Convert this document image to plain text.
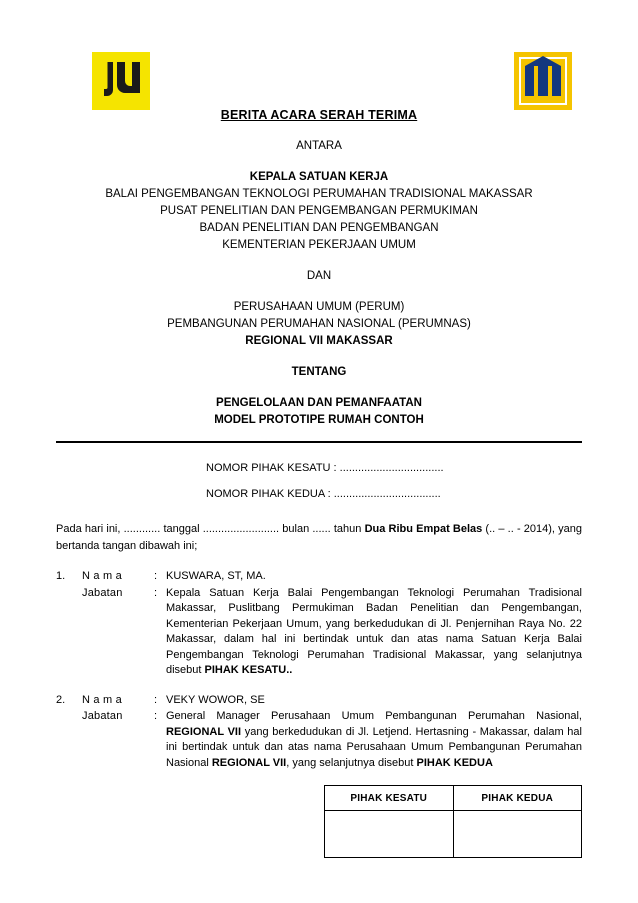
BERITA ACARA SERAH TERIMA
ANTARA
KEPALA SATUAN KERJA
BALAI PENGEMBANGAN TEKNOLOGI PERUMAHAN TRADISIONAL MAKASSAR
PUSAT PENELITIAN DAN PENGEMBANGAN PERMUKIMAN
BADAN PENELITIAN DAN PENGEMBANGAN
KEMENTERIAN PEKERJAAN UMUM
DAN
PERUSAHAAN UMUM (PERUM)
PEMBANGUNAN PERUMAHAN NASIONAL (PERUMNAS)
REGIONAL VII MAKASSAR
TENTANG
PENGELOLAAN DAN PEMANFAATAN
MODEL PROTOTIPE RUMAH CONTOH
NOMOR PIHAK KESATU : ..................................
NOMOR PIHAK KEDUA : ...................................
Pada hari ini, ............ tanggal ......................... bulan ...... tahun Dua Ribu Empat Belas (.. – .. - 2014), yang bertanda tangan dibawah ini;
1.	N a m a	: KUSWARA, ST, MA.
Jabatan	: Kepala Satuan Kerja Balai Pengembangan Teknologi Perumahan Tradisional Makassar, Puslitbang Permukiman Badan Penelitian dan Pengembangan, Kementerian Pekerjaan Umum, yang berkedudukan di Jl. Penjernihan Raya No. 22 Makassar, dalam hal ini bertindak untuk dan atas nama Satuan Kerja Balai Pengembangan Teknologi Perumahan Tradisional Makassar, yang selanjutnya disebut PIHAK KESATU..
2.	N a m a	: VEKY WOWOR, SE
Jabatan	: General Manager Perusahaan Umum Pembangunan Perumahan Nasional, REGIONAL VII yang berkedudukan di Jl. Letjend. Hertasning - Makassar, dalam hal ini bertindak untuk dan atas nama Perusahaan Umum Pembangunan Perumahan Nasional REGIONAL VII, yang selanjutnya disebut PIHAK KEDUA
PIHAK KESATU	PIHAK KEDUA
